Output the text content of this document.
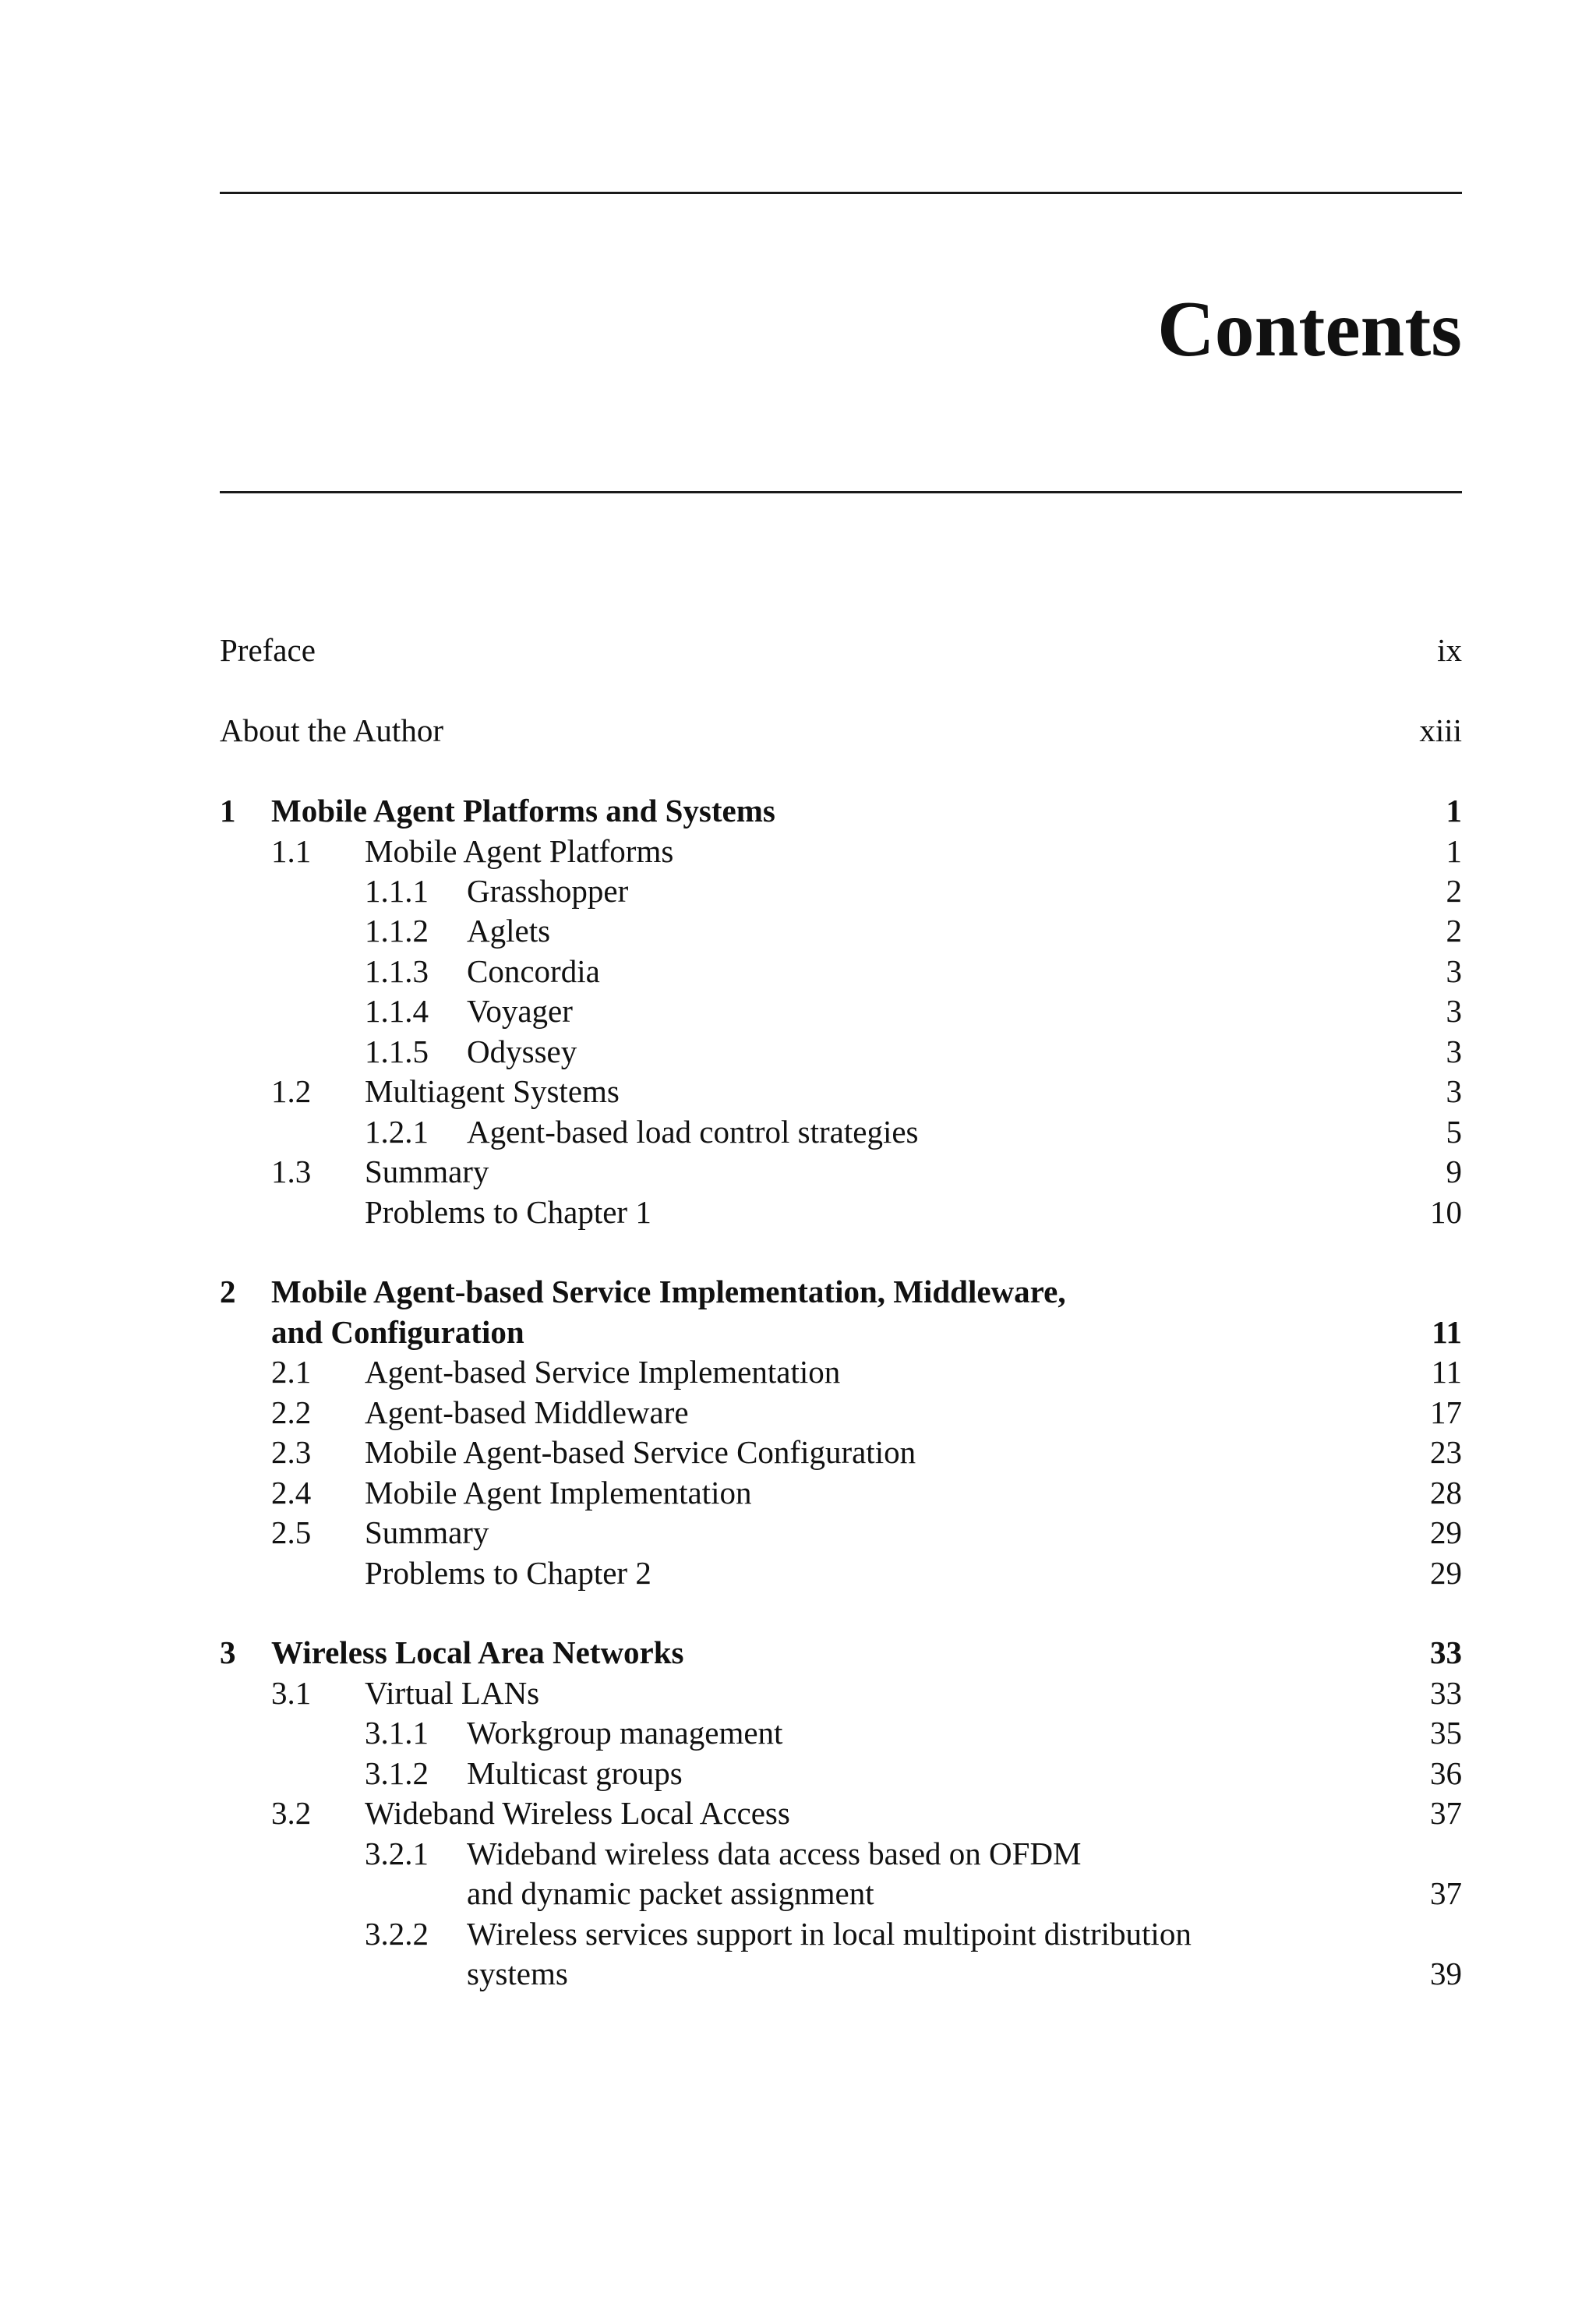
Contents
Preface	ix
About the Author	xiii
1 Mobile Agent Platforms and Systems	1
1.1 Mobile Agent Platforms	1
1.1.1 Grasshopper	2
1.1.2 Aglets	2
1.1.3 Concordia	3
1.1.4 Voyager	3
1.1.5 Odyssey	3
1.2 Multiagent Systems	3
1.2.1 Agent-based load control strategies	5
1.3 Summary	9
Problems to Chapter 1	10
2 Mobile Agent-based Service Implementation, Middleware,
and Configuration	11
2.1 Agent-based Service Implementation	11
2.2 Agent-based Middleware	17
2.3 Mobile Agent-based Service Configuration	23
2.4 Mobile Agent Implementation	28
2.5 Summary	29
Problems to Chapter 2	29
3 Wireless Local Area Networks	33
3.1 Virtual LANs	33
3.1.1 Workgroup management	35
3.1.2 Multicast groups	36
3.2 Wideband Wireless Local Access	37
3.2.1 Wideband wireless data access based on OFDM
and dynamic packet assignment	37
3.2.2 Wireless services support in local multipoint distribution
systems	39
